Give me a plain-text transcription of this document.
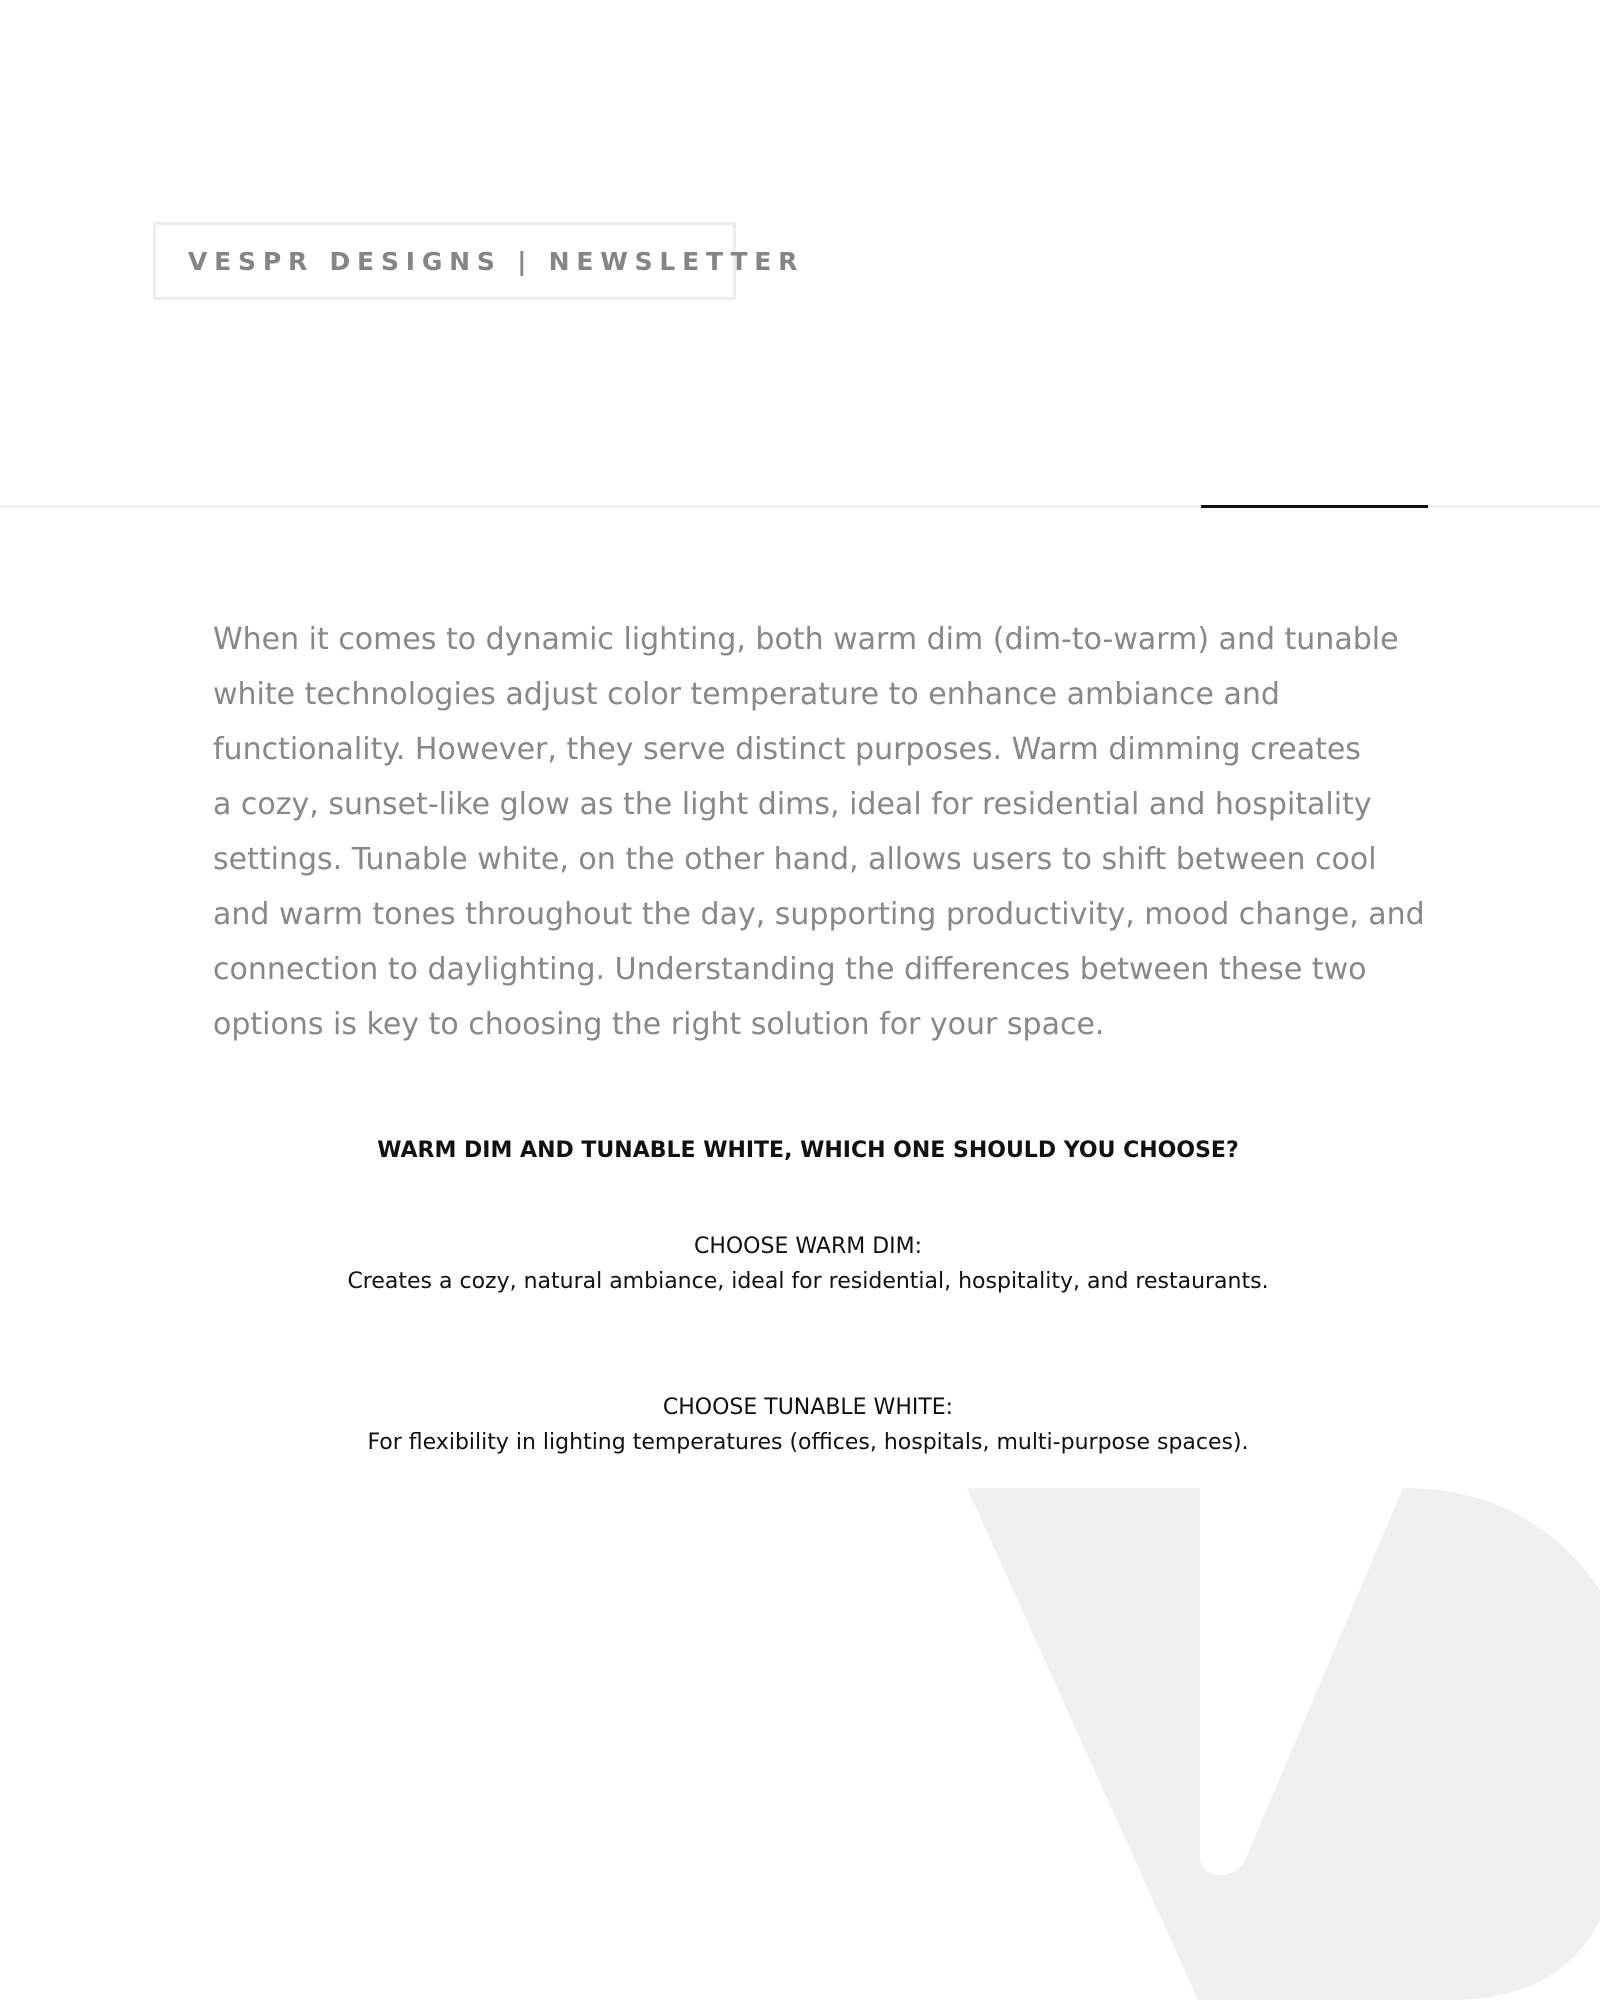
VESPR DESIGNS | NEWSLETTER

When it comes to dynamic lighting, both warm dim (dim-to-warm) and tunable
white technologies adjust color temperature to enhance ambiance and
functionality. However, they serve distinct purposes. Warm dimming creates
a cozy, sunset-like glow as the light dims, ideal for residential and hospitality
settings. Tunable white, on the other hand, allows users to shift between cool
and warm tones throughout the day, supporting productivity, mood change, and
connection to daylighting. Understanding the differences between these two
options is key to choosing the right solution for your space.

WARM DIM AND TUNABLE WHITE, WHICH ONE SHOULD YOU CHOOSE?

CHOOSE WARM DIM:

Creates a cozy, natural ambiance, ideal for residential, hospitality, and restaurants.

CHOOSE TUNABLE WHITE:

For flexibility in lighting temperatures (offices, hospitals, multi-purpose spaces).
